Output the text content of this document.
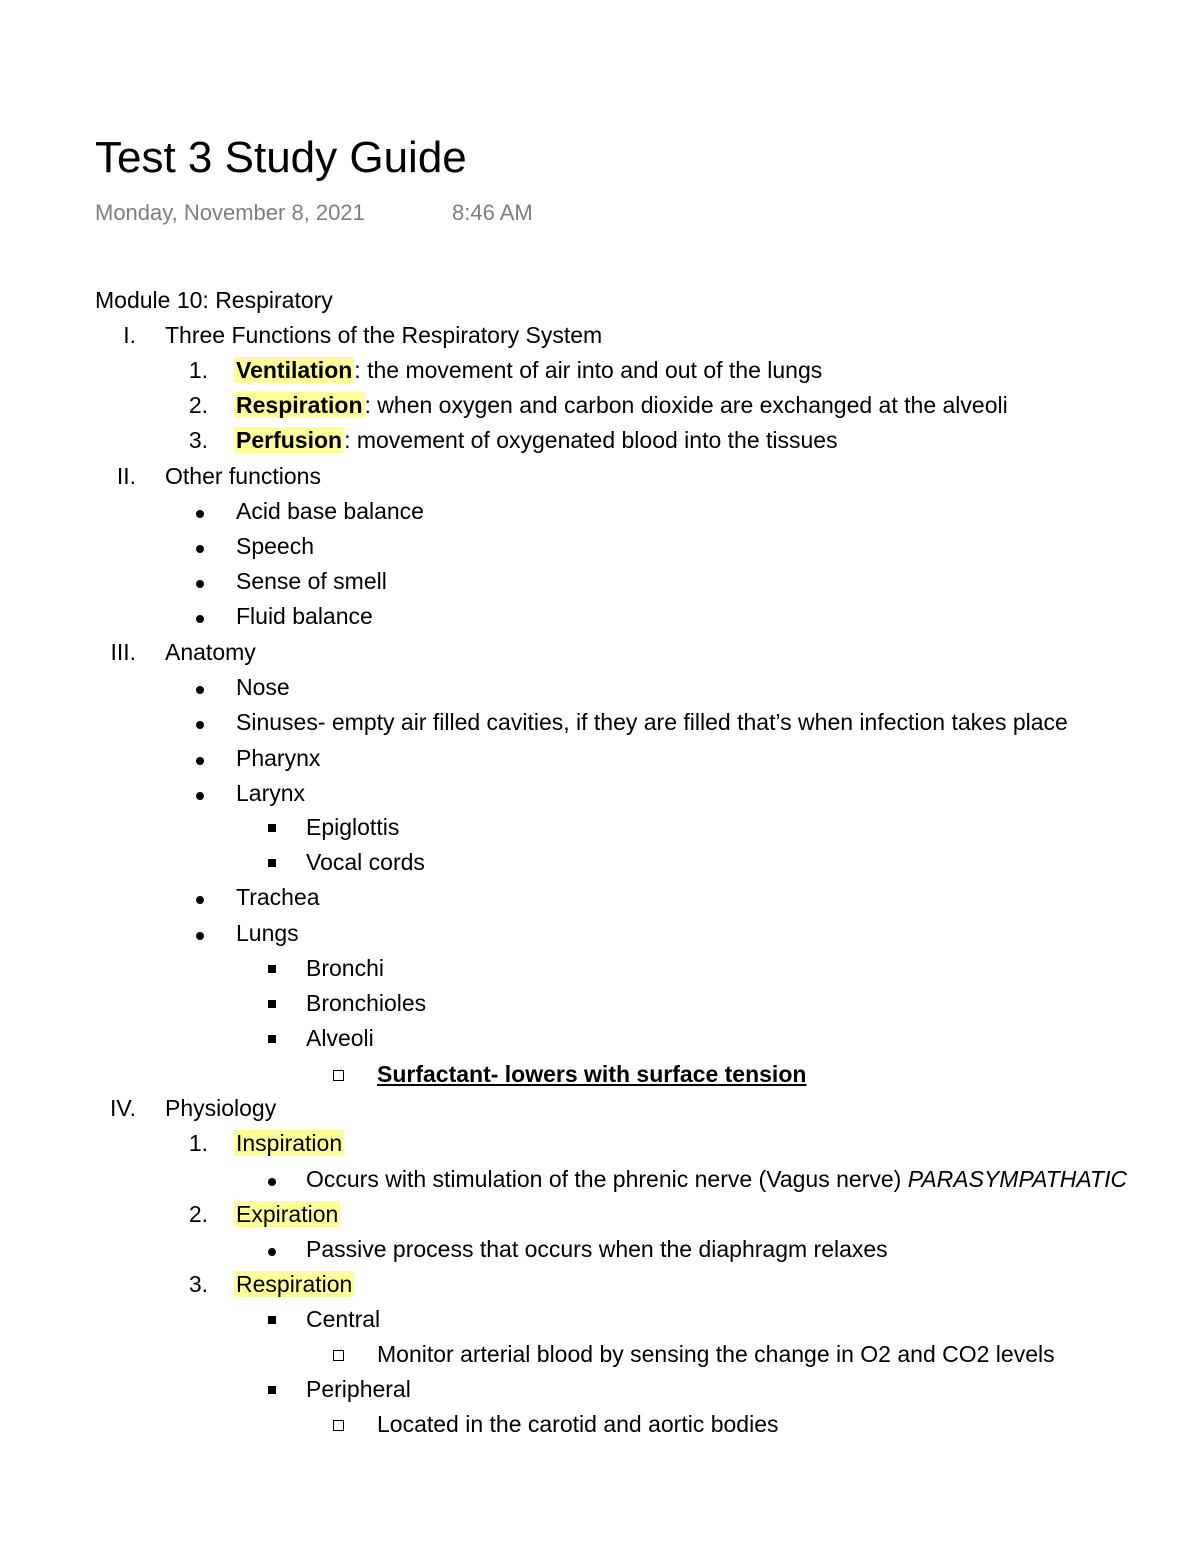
Test 3 Study Guide
Monday, November 8, 2021	8:46 AM
Module 10: Respiratory
I. Three Functions of the Respiratory System
1. Ventilation: the movement of air into and out of the lungs
2. Respiration: when oxygen and carbon dioxide are exchanged at the alveoli
3. Perfusion: movement of oxygenated blood into the tissues
II. Other functions
Acid base balance
Speech
Sense of smell
Fluid balance
III. Anatomy
Nose
Sinuses- empty air filled cavities, if they are filled that’s when infection takes place
Pharynx
Larynx
Epiglottis
Vocal cords
Trachea
Lungs
Bronchi
Bronchioles
Alveoli
Surfactant- lowers with surface tension
IV. Physiology
1. Inspiration
Occurs with stimulation of the phrenic nerve (Vagus nerve) PARASYMPATHATIC
2. Expiration
Passive process that occurs when the diaphragm relaxes
3. Respiration
Central
Monitor arterial blood by sensing the change in O2 and CO2 levels
Peripheral
Located in the carotid and aortic bodies
